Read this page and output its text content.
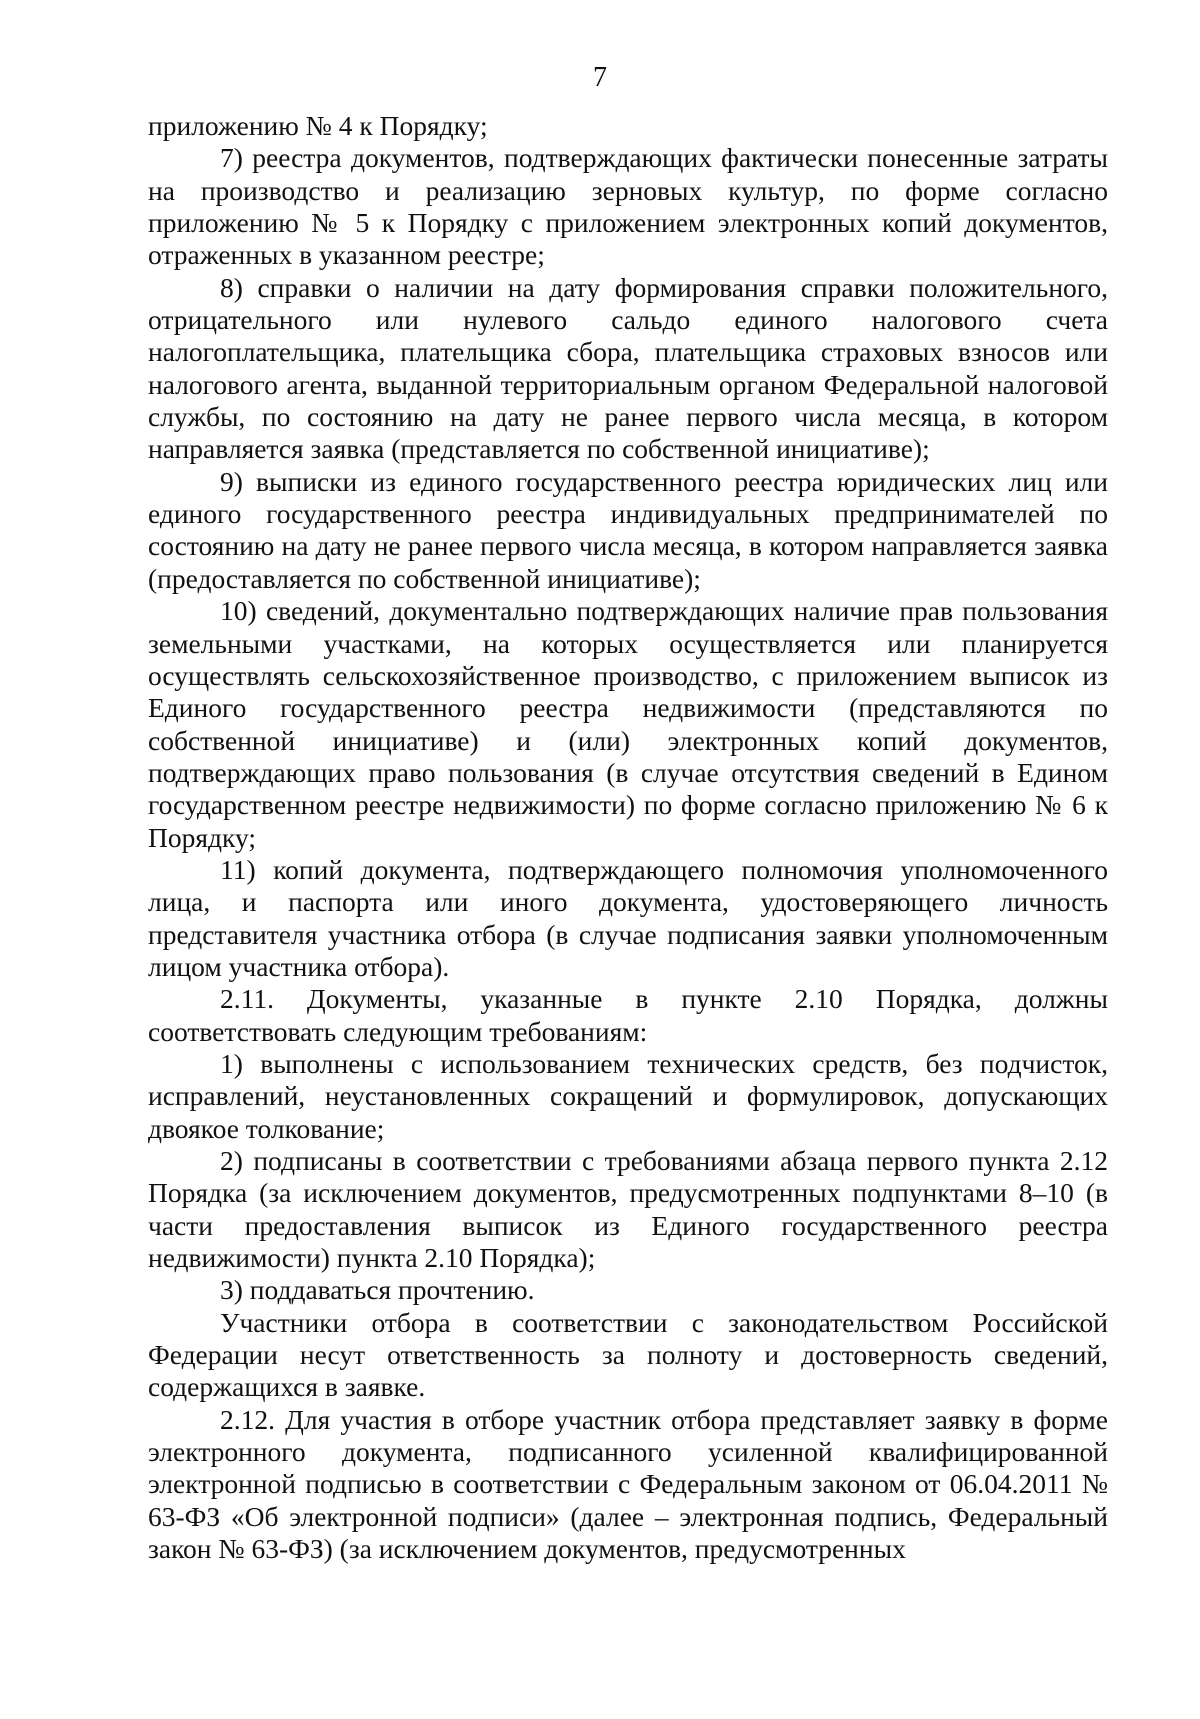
7

приложению № 4 к Порядку;

7) реестра документов, подтверждающих фактически понесенные затраты на производство и реализацию зерновых культур, по форме согласно приложению № 5 к Порядку с приложением электронных копий документов, отраженных в указанном реестре;

8) справки о наличии на дату формирования справки положительного, отрицательного или нулевого сальдо единого налогового счета налогоплательщика, плательщика сбора, плательщика страховых взносов или налогового агента, выданной территориальным органом Федеральной налоговой службы, по состоянию на дату не ранее первого числа месяца, в котором направляется заявка (представляется по собственной инициативе);

9) выписки из единого государственного реестра юридических лиц или единого государственного реестра индивидуальных предпринимателей по состоянию на дату не ранее первого числа месяца, в котором направляется заявка (предоставляется по собственной инициативе);

10) сведений, документально подтверждающих наличие прав пользования земельными участками, на которых осуществляется или планируется осуществлять сельскохозяйственное производство, с приложением выписок из Единого государственного реестра недвижимости (представляются по собственной инициативе) и (или) электронных копий документов, подтверждающих право пользования (в случае отсутствия сведений в Едином государственном реестре недвижимости) по форме согласно приложению № 6 к Порядку;

11) копий документа, подтверждающего полномочия уполномоченного лица, и паспорта или иного документа, удостоверяющего личность представителя участника отбора (в случае подписания заявки уполномоченным лицом участника отбора).

2.11. Документы, указанные в пункте 2.10 Порядка, должны соответствовать следующим требованиям:

1) выполнены с использованием технических средств, без подчисток, исправлений, неустановленных сокращений и формулировок, допускающих двоякое толкование;

2) подписаны в соответствии с требованиями абзаца первого пункта 2.12 Порядка (за исключением документов, предусмотренных подпунктами 8–10 (в части предоставления выписок из Единого государственного реестра недвижимости) пункта 2.10 Порядка);

3) поддаваться прочтению.

Участники отбора в соответствии с законодательством Российской Федерации несут ответственность за полноту и достоверность сведений, содержащихся в заявке.

2.12. Для участия в отборе участник отбора представляет заявку в форме электронного документа, подписанного усиленной квалифицированной электронной подписью в соответствии с Федеральным законом от 06.04.2011 № 63-ФЗ «Об электронной подписи» (далее – электронная подпись, Федеральный закон № 63-ФЗ) (за исключением документов, предусмотренных
